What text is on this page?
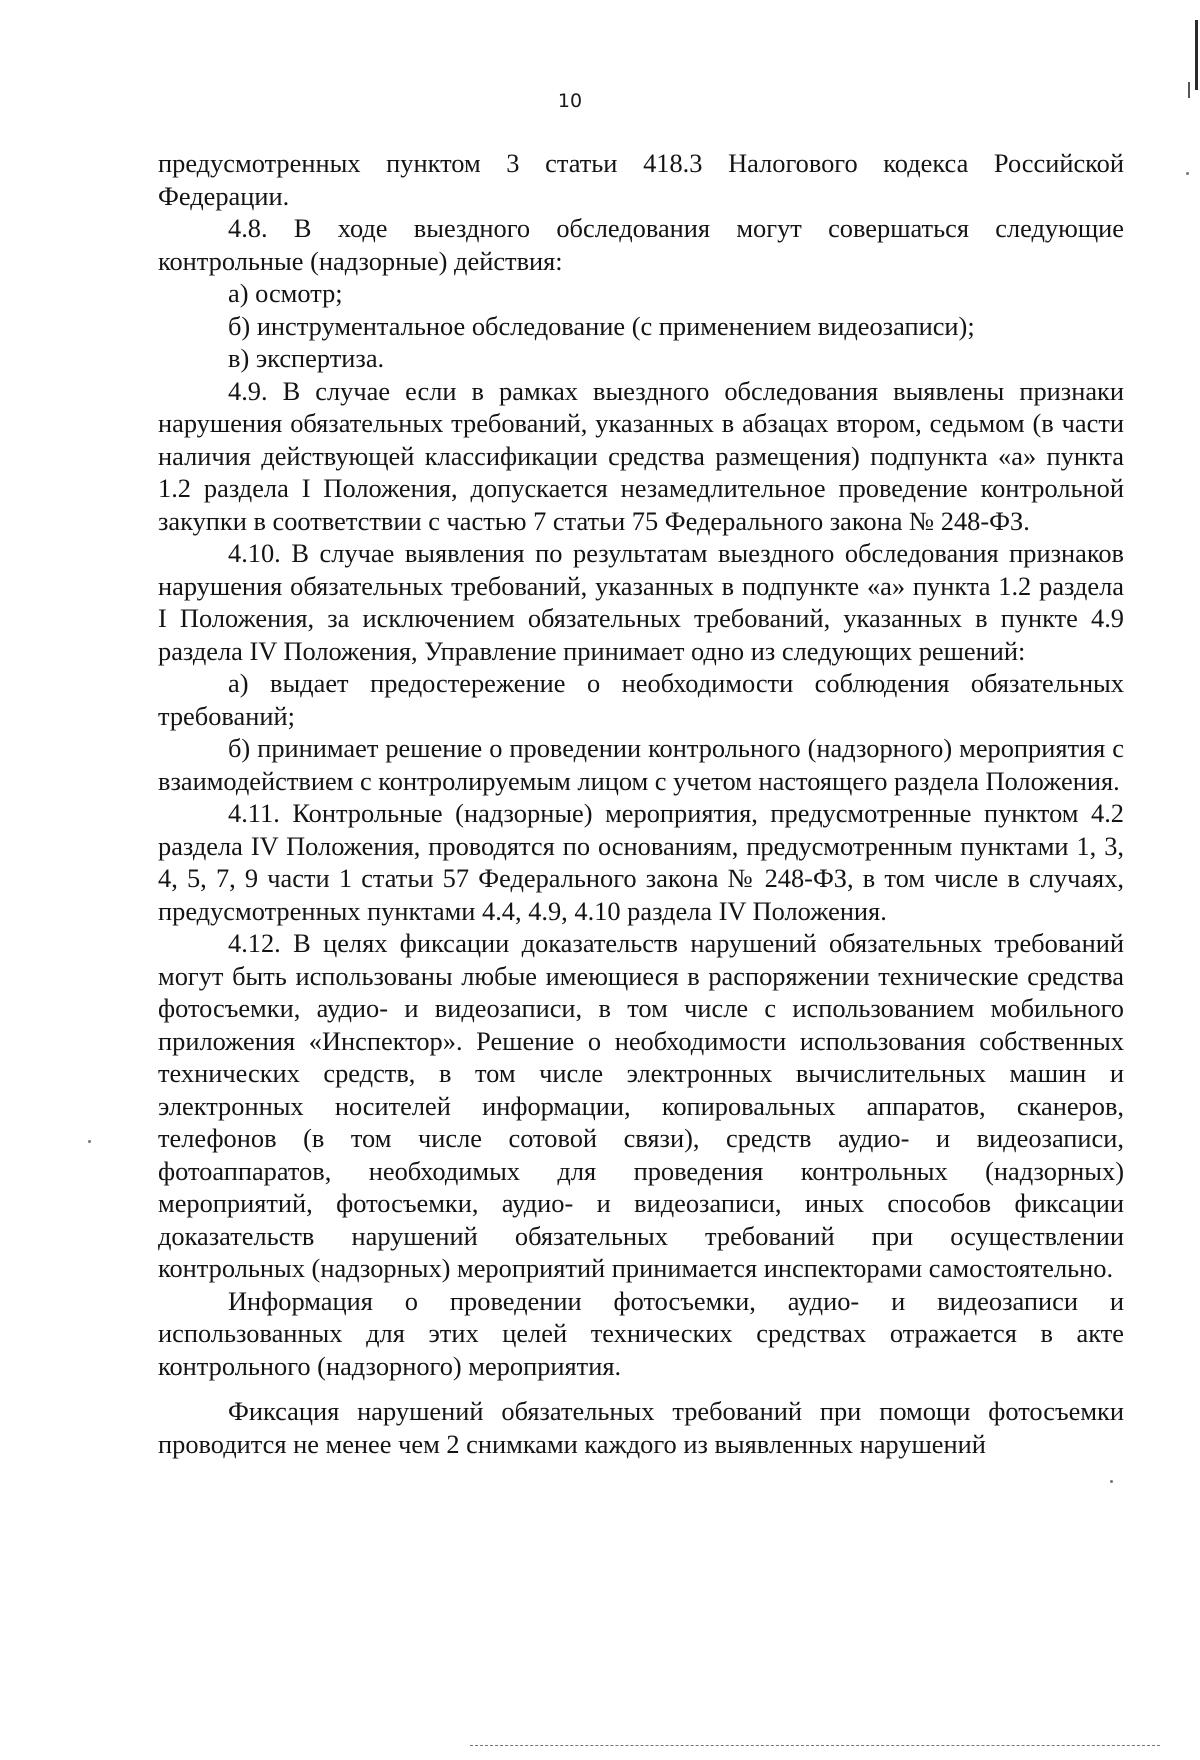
10

предусмотренных пунктом 3 статьи 418.3 Налогового кодекса Российской Федерации.

4.8. В ходе выездного обследования могут совершаться следующие контрольные (надзорные) действия:

а) осмотр;

б) инструментальное обследование (с применением видеозаписи);

в) экспертиза.

4.9. В случае если в рамках выездного обследования выявлены признаки нарушения обязательных требований, указанных в абзацах втором, седьмом (в части наличия действующей классификации средства размещения) подпункта «а» пункта 1.2 раздела I Положения, допускается незамедлительное проведение контрольной закупки в соответствии с частью 7 статьи 75 Федерального закона № 248-ФЗ.

4.10. В случае выявления по результатам выездного обследования признаков нарушения обязательных требований, указанных в подпункте «а» пункта 1.2 раздела I Положения, за исключением обязательных требований, указанных в пункте 4.9 раздела IV Положения, Управление принимает одно из следующих решений:

а) выдает предостережение о необходимости соблюдения обязательных требований;

б) принимает решение о проведении контрольного (надзорного) мероприятия с взаимодействием с контролируемым лицом с учетом настоящего раздела Положения.

4.11. Контрольные (надзорные) мероприятия, предусмотренные пунктом 4.2 раздела IV Положения, проводятся по основаниям, предусмотренным пунктами 1, 3, 4, 5, 7, 9 части 1 статьи 57 Федерального закона № 248-ФЗ, в том числе в случаях, предусмотренных пунктами 4.4, 4.9, 4.10 раздела IV Положения.

4.12. В целях фиксации доказательств нарушений обязательных требований могут быть использованы любые имеющиеся в распоряжении технические средства фотосъемки, аудио- и видеозаписи, в том числе с использованием мобильного приложения «Инспектор». Решение о необходимости использования собственных технических средств, в том числе электронных вычислительных машин и электронных носителей информации, копировальных аппаратов, сканеров, телефонов (в том числе сотовой связи), средств аудио- и видеозаписи, фотоаппаратов, необходимых для проведения контрольных (надзорных) мероприятий, фотосъемки, аудио- и видеозаписи, иных способов фиксации доказательств нарушений обязательных требований при осуществлении контрольных (надзорных) мероприятий принимается инспекторами самостоятельно.

Информация о проведении фотосъемки, аудио- и видеозаписи и использованных для этих целей технических средствах отражается в акте контрольного (надзорного) мероприятия.

Фиксация нарушений обязательных требований при помощи фотосъемки проводится не менее чем 2 снимками каждого из выявленных нарушений
